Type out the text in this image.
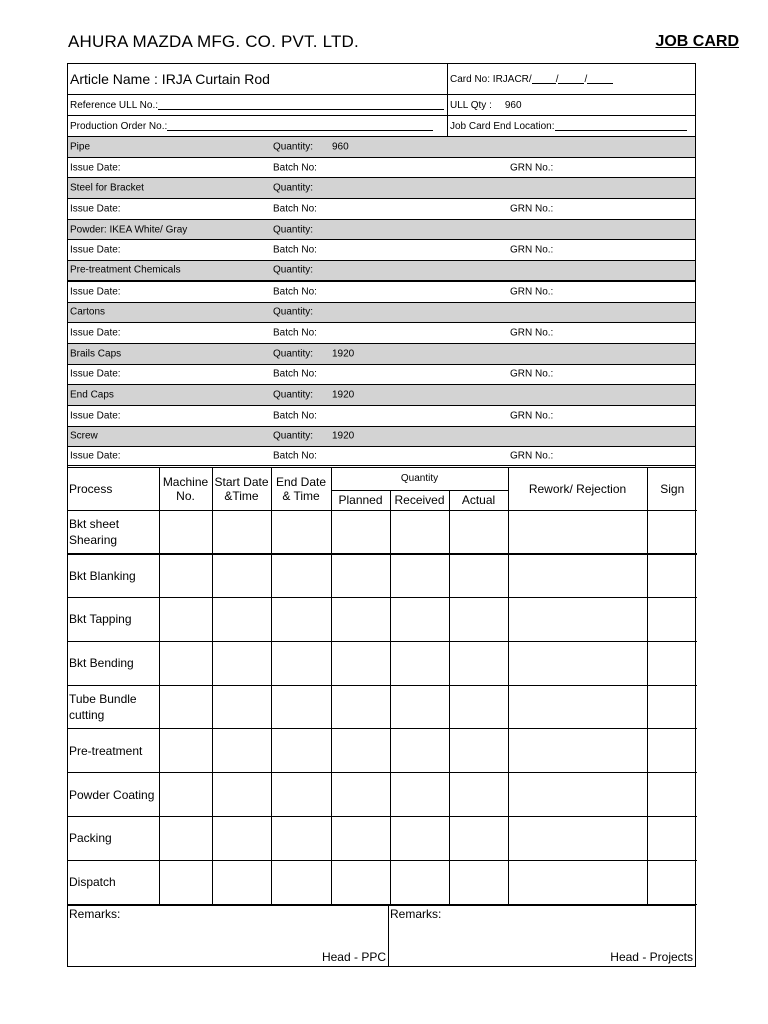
AHURA MAZDA MFG. CO. PVT. LTD.	JOB CARD
Article Name : IRJA Curtain Rod	Card No: IRJACR/ /	/
Reference ULL No.:	ULL Qty : 960
Production Order No.:	Job Card End Location:
Pipe	Quantity: 960
Issue Date:	Batch No:	GRN No.:
Steel for Bracket	Quantity:
Issue Date:	Batch No:	GRN No.:
Powder: IKEA White/ Gray	Quantity:
Issue Date:	Batch No:	GRN No.:
Pre-treatment Chemicals	Quantity:
Issue Date:	Batch No:	GRN No.:
Cartons	Quantity:
Issue Date:	Batch No:	GRN No.:
Brails Caps	Quantity: 1920
Issue Date:	Batch No:	GRN No.:
End Caps	Quantity: 1920
Issue Date:	Batch No:	GRN No.:
Screw	Quantity: 1920
Issue Date:	Batch No:	GRN No.:
Process	Machine No.	Start Date &Time	End Date & Time	Quantity			Rework/ Rejection	Sign
				Planned	Received	Actual		
Bkt sheet Shearing								
Bkt Blanking								
Bkt Tapping								
Bkt Bending								
Tube Bundle cutting								
Pre-treatment								
Powder Coating								
Packing								
Dispatch								
Remarks:
Head - PPC
Remarks:
Head - Projects
